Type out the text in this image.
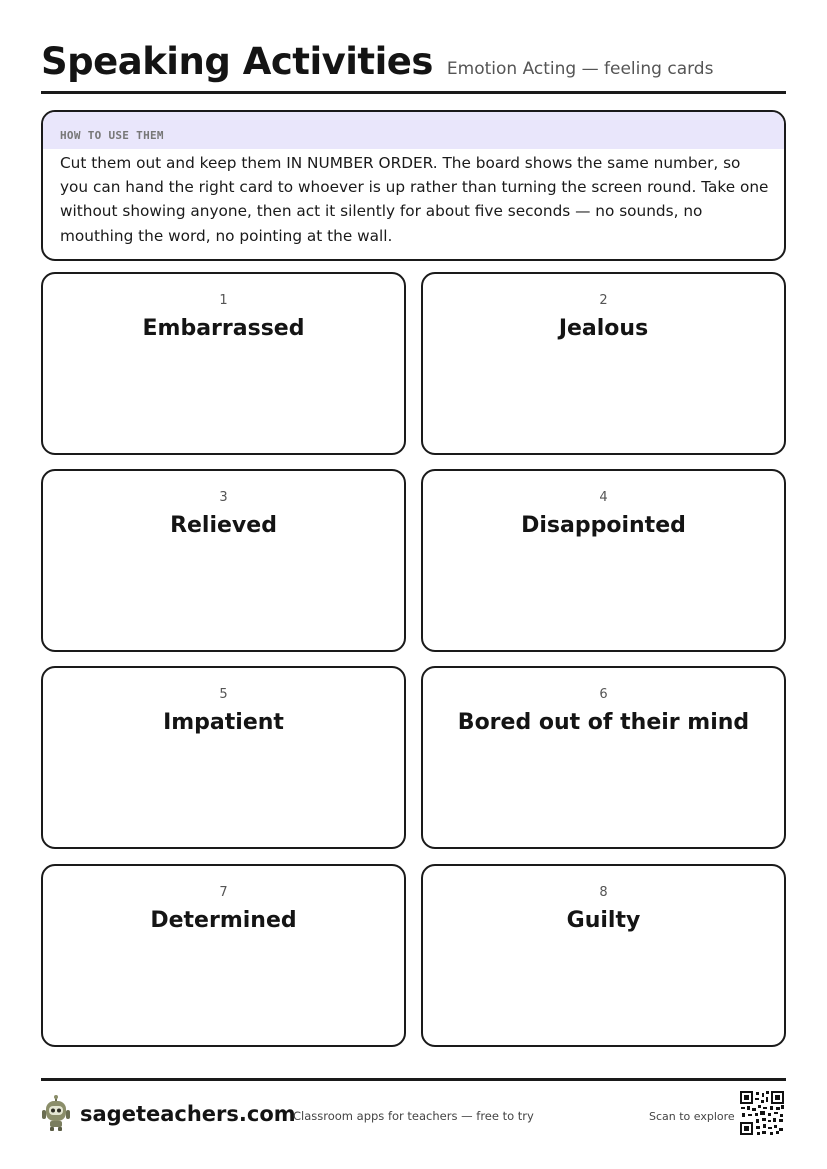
Speaking Activities Emotion Acting — feeling cards
HOW TO USE THEM
Cut them out and keep them IN NUMBER ORDER. The board shows the same number, so you can hand the right card to whoever is up rather than turning the screen round. Take one without showing anyone, then act it silently for about five seconds — no sounds, no mouthing the word, no pointing at the wall.
1
Embarrassed
2
Jealous
3
Relieved
4
Disappointed
5
Impatient
6
Bored out of their mind
7
Determined
8
Guilty
sageteachers.com
Classroom apps for teachers — free to try	Scan to explore
